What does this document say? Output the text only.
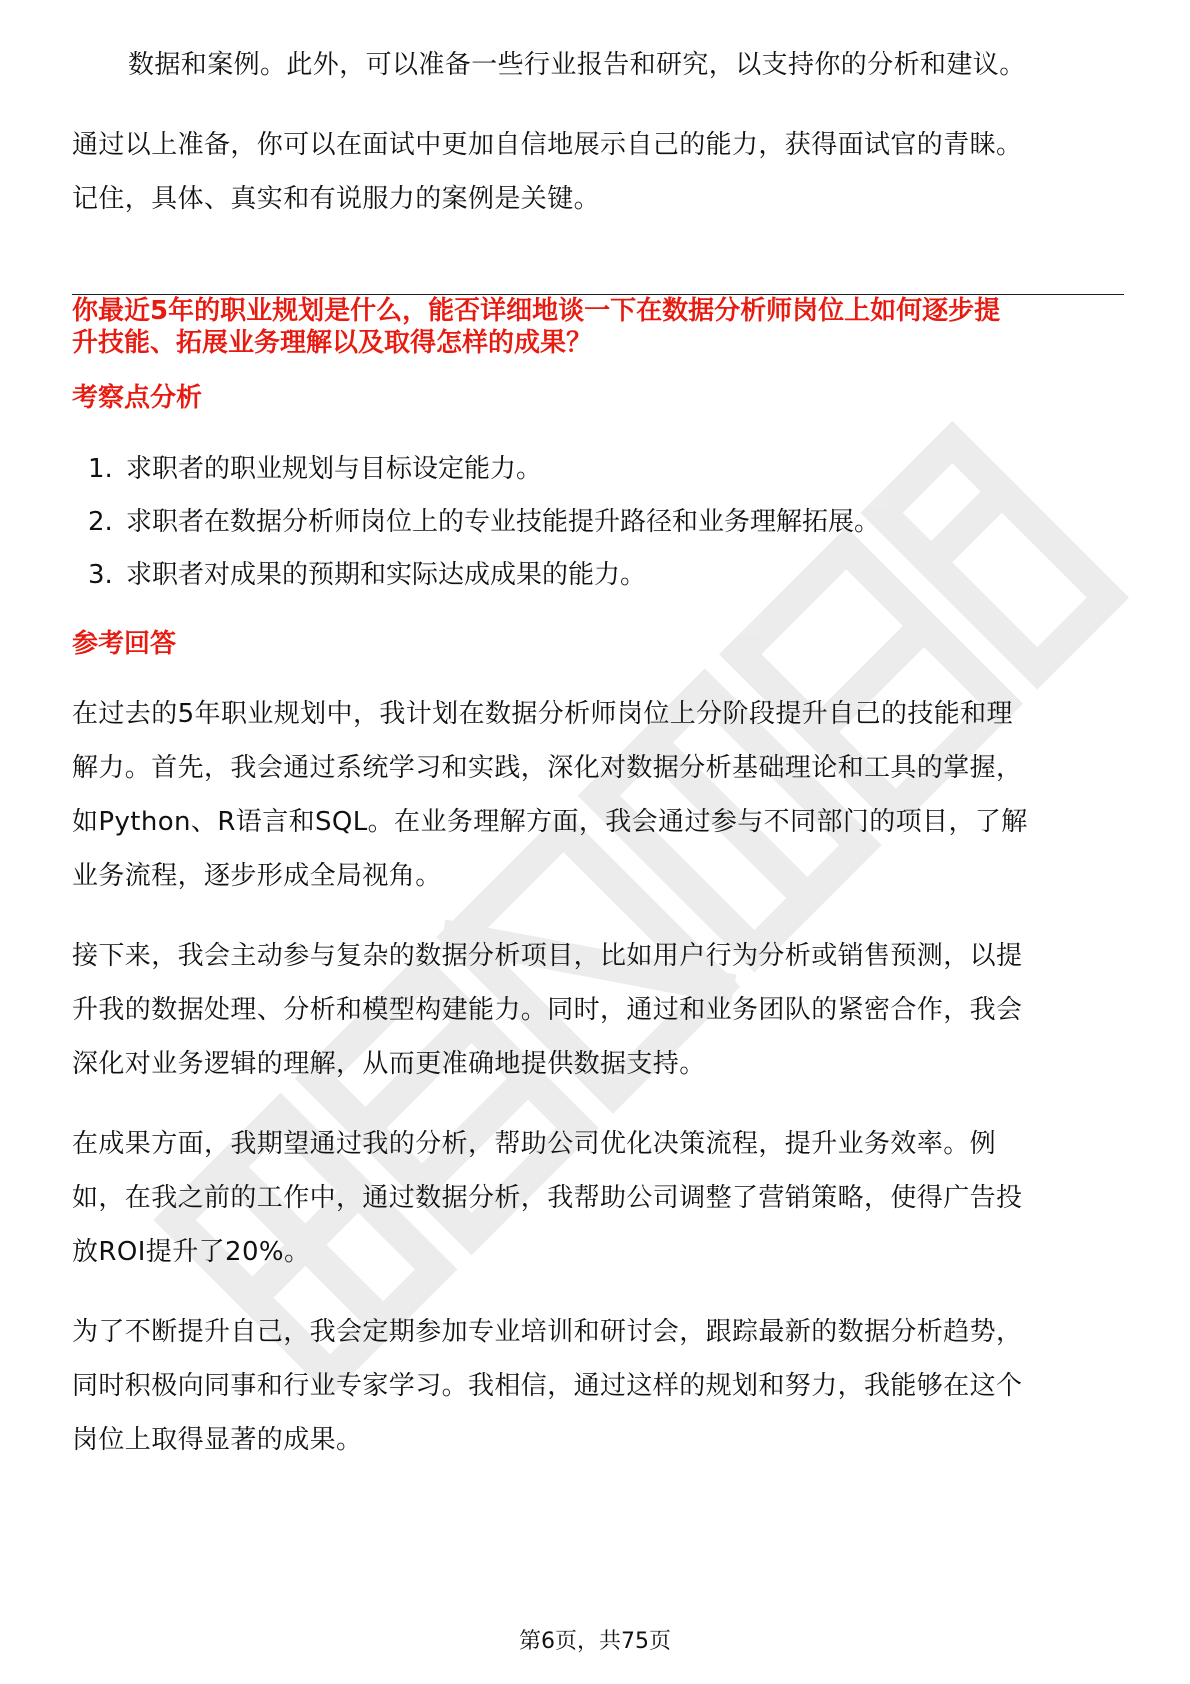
数据和案例。此外，可以准备一些行业报告和研究，以支持你的分析和建议。
通过以上准备，你可以在面试中更加自信地展示自己的能力，获得面试官的青睐。
记住，具体、真实和有说服力的案例是关键。
你最近5年的职业规划是什么，能否详细地谈一下在数据分析师岗位上如何逐步提
升技能、拓展业务理解以及取得怎样的成果？
考察点分析
1. 求职者的职业规划与目标设定能力。
2. 求职者在数据分析师岗位上的专业技能提升路径和业务理解拓展。
3. 求职者对成果的预期和实际达成成果的能力。
参考回答
在过去的5年职业规划中，我计划在数据分析师岗位上分阶段提升自己的技能和理
解力。首先，我会通过系统学习和实践，深化对数据分析基础理论和工具的掌握，
如Python、R语言和SQL。在业务理解方面，我会通过参与不同部门的项目，了解
业务流程，逐步形成全局视角。
接下来，我会主动参与复杂的数据分析项目，比如用户行为分析或销售预测，以提
升我的数据处理、分析和模型构建能力。同时，通过和业务团队的紧密合作，我会
深化对业务逻辑的理解，从而更准确地提供数据支持。
在成果方面，我期望通过我的分析，帮助公司优化决策流程，提升业务效率。例
如，在我之前的工作中，通过数据分析，我帮助公司调整了营销策略，使得广告投
放ROI提升了20%。
为了不断提升自己，我会定期参加专业培训和研讨会，跟踪最新的数据分析趋势，
同时积极向同事和行业专家学习。我相信，通过这样的规划和努力，我能够在这个
岗位上取得显著的成果。
第6页，共75页
